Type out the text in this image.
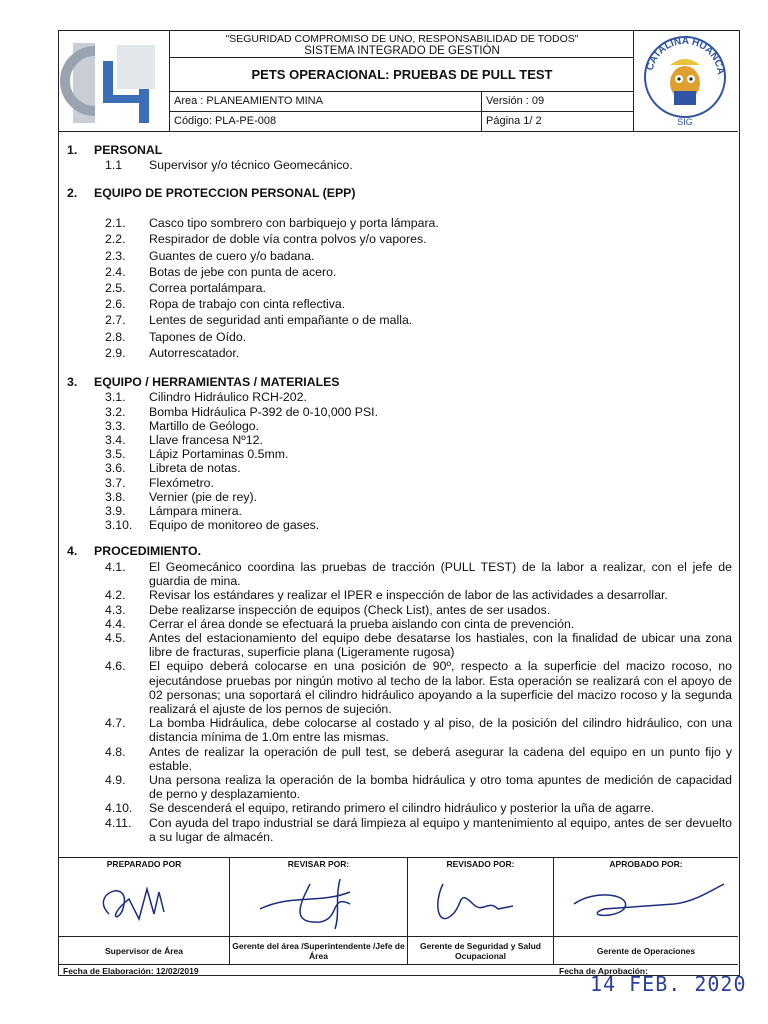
"SEGURIDAD COMPROMISO DE UNO, RESPONSABILIDAD DE TODOS"
SISTEMA INTEGRADO DE GESTIÓN
PETS OPERACIONAL: PRUEBAS DE PULL TEST
Area : PLANEAMIENTO MINA	Versión : 09
Código: PLA-PE-008	Página 1/ 2
CATALINA HUANCA
SIG
1. PERSONAL
1.1	Supervisor y/o técnico Geomecánico.
2. EQUIPO DE PROTECCION PERSONAL (EPP)
2.1.	Casco tipo sombrero con barbiquejo y porta lámpara.
2.2.	Respirador de doble vía contra polvos y/o vapores.
2.3.	Guantes de cuero y/o badana.
2.4.	Botas de jebe con punta de acero.
2.5.	Correa portalámpara.
2.6.	Ropa de trabajo con cinta reflectiva.
2.7.	Lentes de seguridad anti empañante o de malla.
2.8.	Tapones de Oído.
2.9.	Autorrescatador.
3. EQUIPO / HERRAMIENTAS / MATERIALES
3.1.	Cilindro Hidráulico RCH-202.
3.2.	Bomba Hidráulica P-392 de 0-10,000 PSI.
3.3.	Martillo de Geólogo.
3.4.	Llave francesa Nº12.
3.5.	Lápiz Portaminas 0.5mm.
3.6.	Libreta de notas.
3.7.	Flexómetro.
3.8.	Vernier (pie de rey).
3.9.	Lámpara minera.
3.10.	Equipo de monitoreo de gases.
4. PROCEDIMIENTO.
4.1.	El Geomecánico coordina las pruebas de tracción (PULL TEST) de la labor a realizar, con el jefe de guardia de mina.
4.2.	Revisar los estándares y realizar el IPER e inspección de labor de las actividades a desarrollar.
4.3.	Debe realizarse inspección de equipos (Check List), antes de ser usados.
4.4.	Cerrar el área donde se efectuará la prueba aislando con cinta de prevención.
4.5.	Antes del estacionamiento del equipo debe desatarse los hastiales, con la finalidad de ubicar una zona libre de fracturas, superficie plana (Ligeramente rugosa)
4.6.	El equipo deberá colocarse en una posición de 90º, respecto a la superficie del macizo rocoso, no ejecutándose pruebas por ningún motivo al techo de la labor. Esta operación se realizará con el apoyo de 02 personas; una soportará el cilindro hidráulico apoyando a la superficie del macizo rocoso y la segunda realizará el ajuste de los pernos de sujeción.
4.7.	La bomba Hidráulica, debe colocarse al costado y al piso, de la posición del cilindro hidráulico, con una distancia mínima de 1.0m entre las mismas.
4.8.	Antes de realizar la operación de pull test, se deberá asegurar la cadena del equipo en un punto fijo y estable.
4.9.	Una persona realiza la operación de la bomba hidráulica y otro toma apuntes de medición de capacidad de perno y desplazamiento.
4.10.	Se descenderá el equipo, retirando primero el cilindro hidráulico y posterior la uña de agarre.
4.11.	Con ayuda del trapo industrial se dará limpieza al equipo y mantenimiento al equipo, antes de ser devuelto a su lugar de almacén.
PREPARADO POR
Supervisor de Área
REVISAR POR:
Gerente del área /Superintendente /Jefe de Área
REVISADO POR:
Gerente de Seguridad y Salud Ocupacional
APROBADO POR:
Gerente de Operaciones
Fecha de Elaboración: 12/02/2019	Fecha de Aprobación:
14 FEB. 2020
